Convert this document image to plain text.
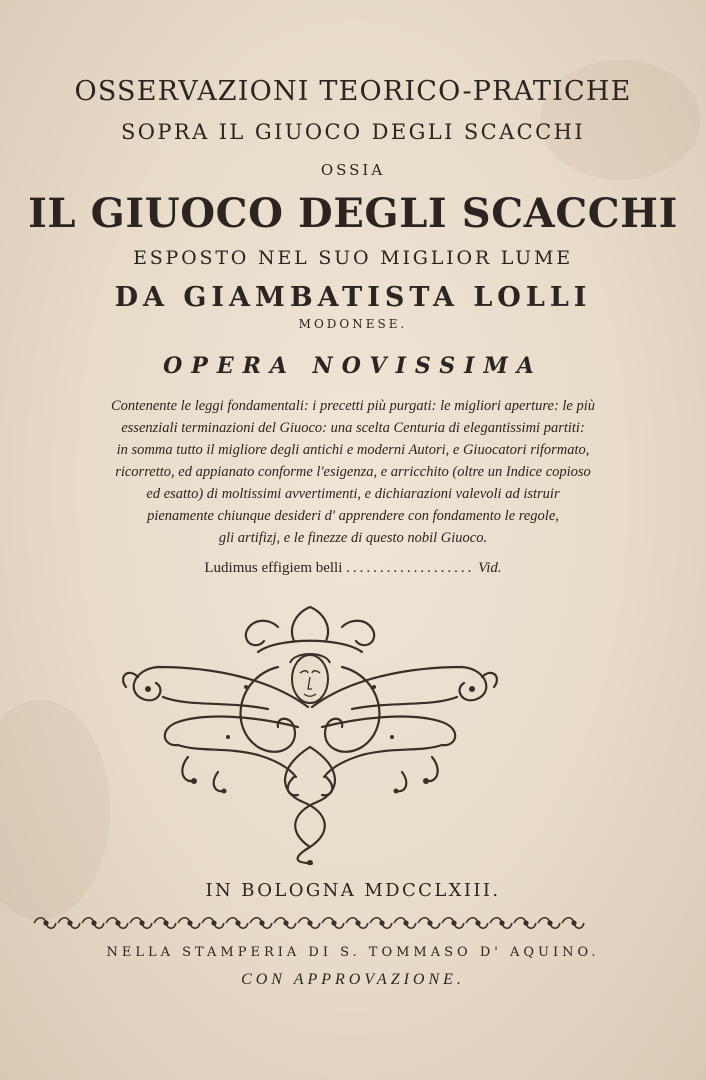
OSSERVAZIONI TEORICO-PRATICHE
SOPRA IL GIUOCO DEGLI SCACCHI
OSSIA
IL GIUOCO DEGLI SCACCHI
ESPOSTO NEL SUO MIGLIOR LUME
DA GIAMBATISTA LOLLI
MODONESE.
OPERA NOVISSIMA
Contenente le leggi fondamentali: i precetti più purgati: le migliori aperture: le più
essenziali terminazioni del Giuoco: una scelta Centuria di elegantissimi partiti:
in somma tutto il migliore degli antichi e moderni Autori, e Giuocatori riformato,
ricorretto, ed appianato conforme l'esigenza, e arricchito (oltre un Indice copioso
ed esatto) di moltissimi avvertimenti, e dichiarazioni valevoli ad istruir
pienamente chiunque desideri d' apprendere con fondamento le regole,
gli artifizj, e le finezze di questo nobil Giuoco.
Ludimus effigiem belli ................... Vid.
IN BOLOGNA MDCCLXIII.
NELLA STAMPERIA DI S. TOMMASO D' AQUINO.
CON APPROVAZIONE.
